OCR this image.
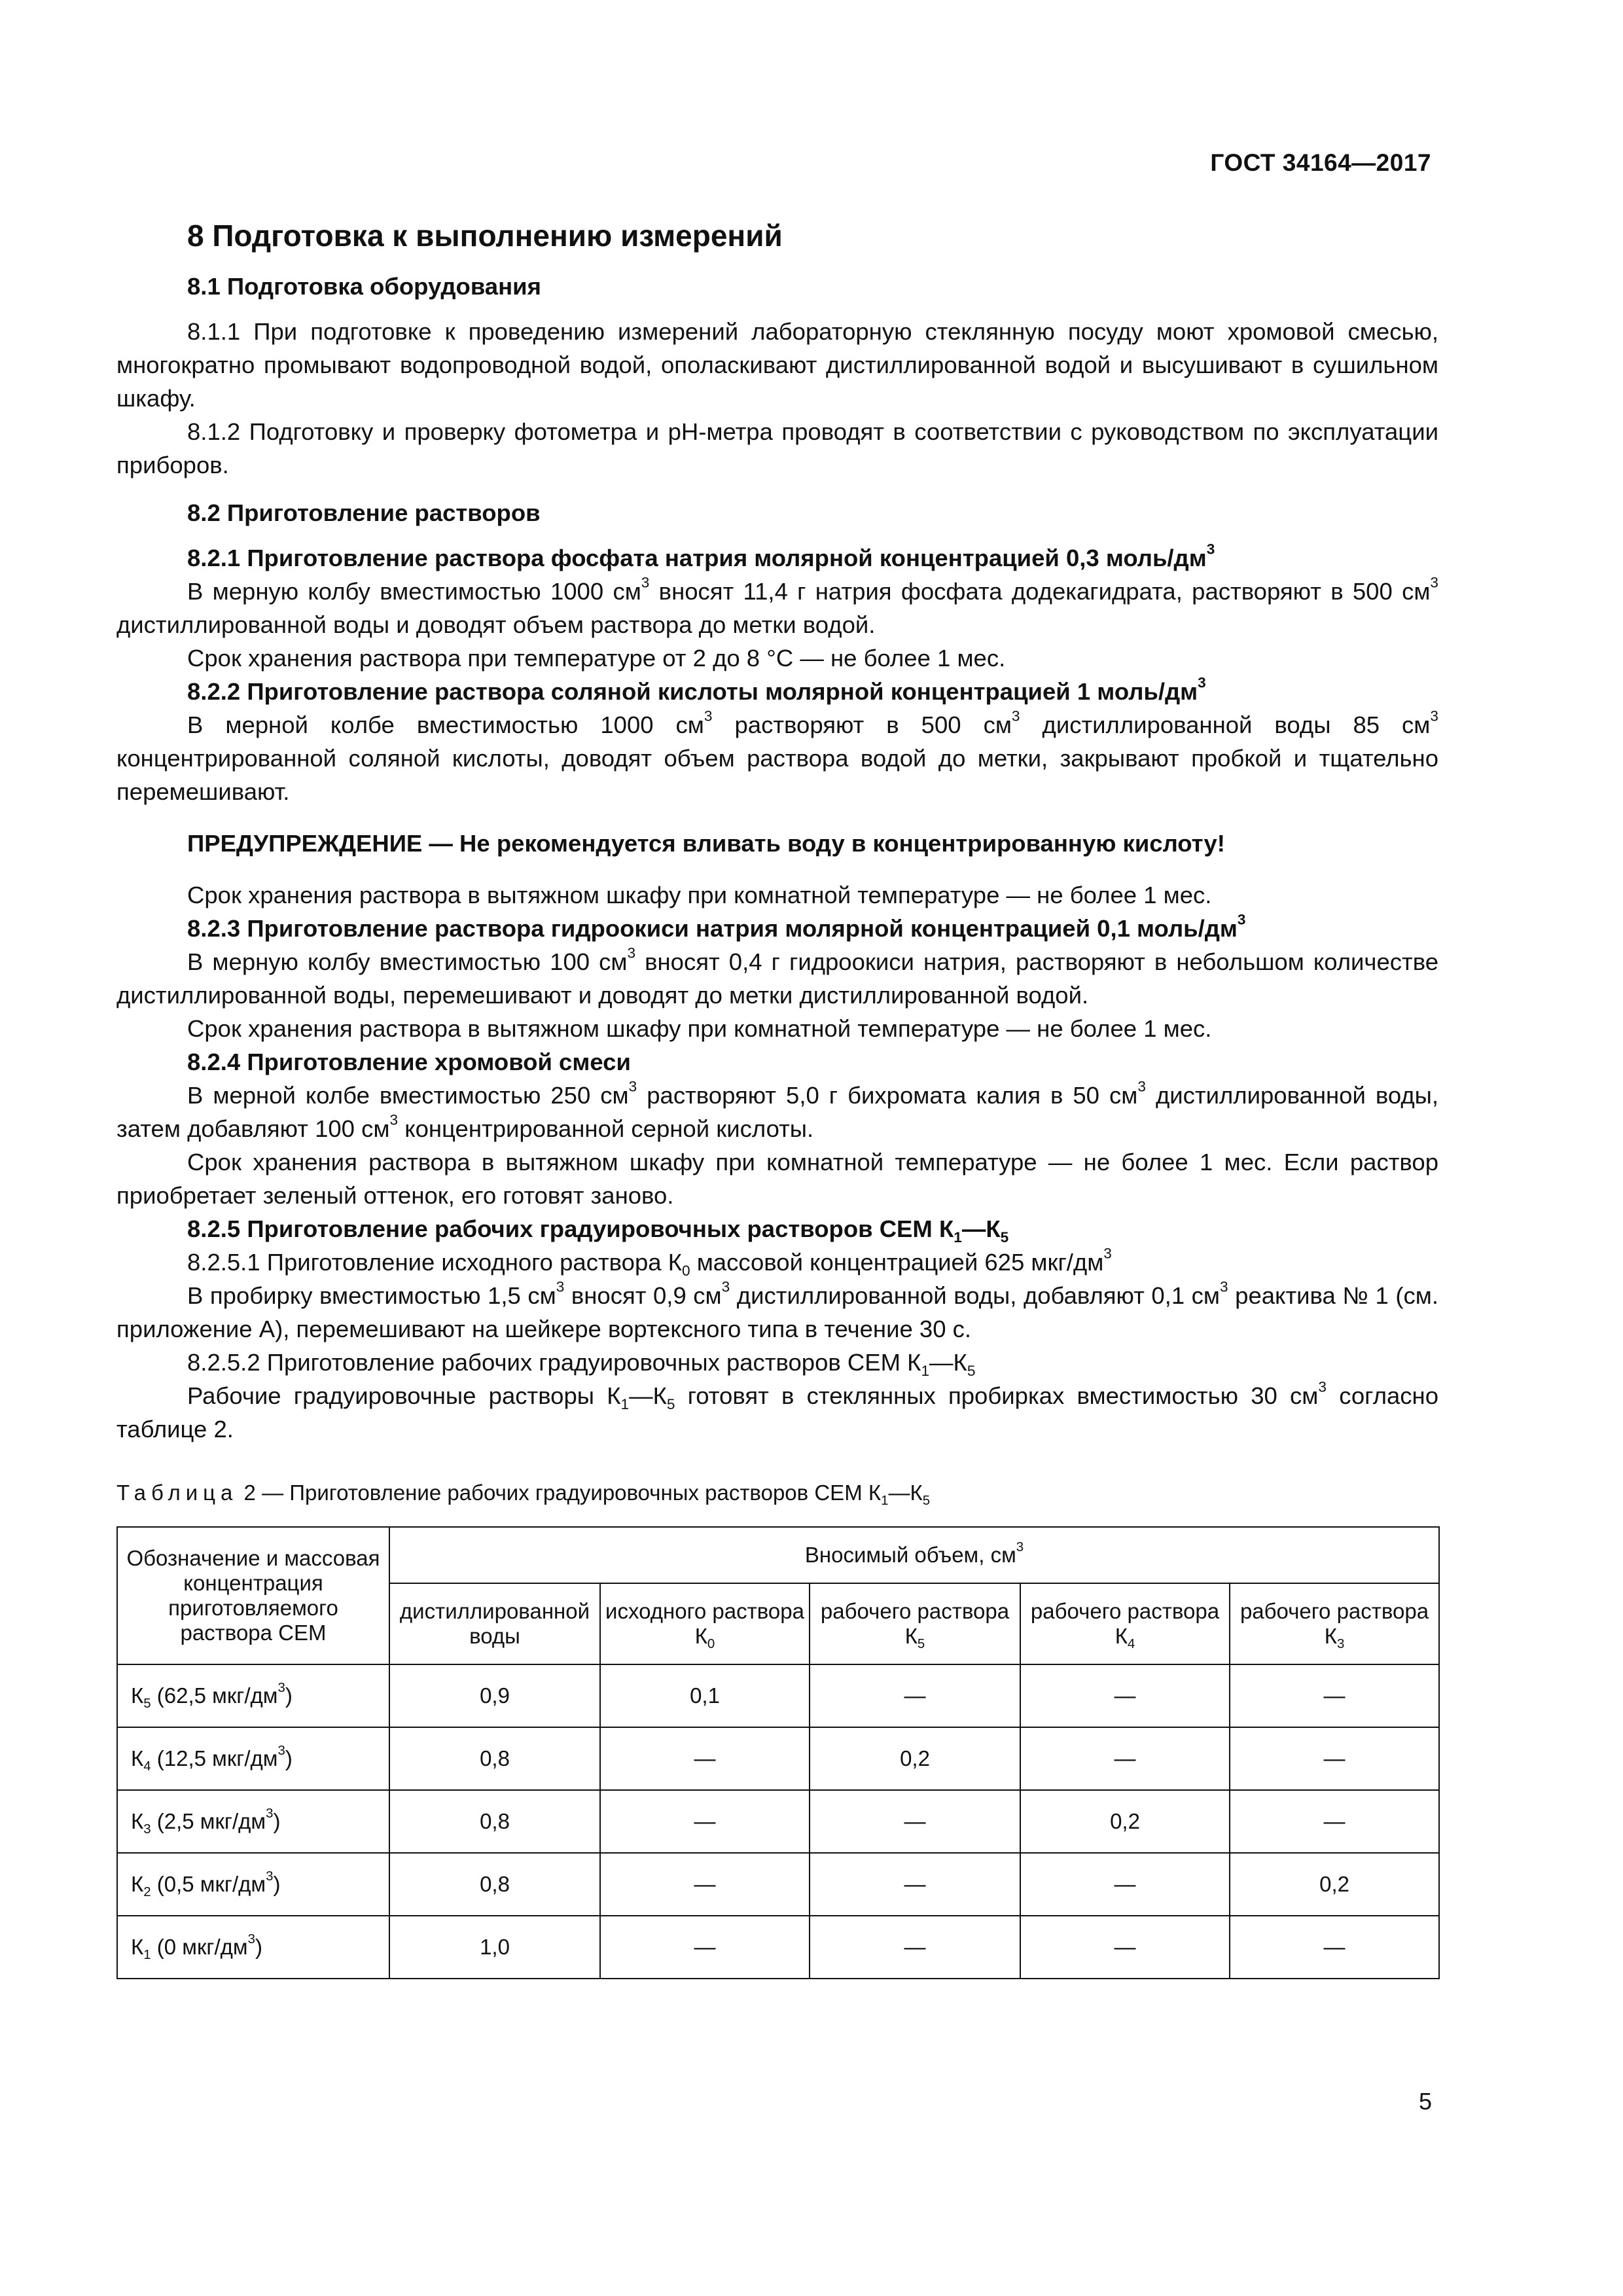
ГОСТ 34164—2017
8 Подготовка к выполнению измерений
8.1 Подготовка оборудования

8.1.1 При подготовке к проведению измерений лабораторную стеклянную посуду моют хромовой смесью, многократно промывают водопроводной водой, ополаскивают дистиллированной водой и высушивают в сушильном шкафу.

8.1.2 Подготовку и проверку фотометра и pH-метра проводят в соответствии с руководством по эксплуатации приборов.

8.2 Приготовление растворов
8.2.1 Приготовление раствора фосфата натрия молярной концентрацией 0,3 моль/$дм^3$

В мерную колбу вместимостью 1000 $см^3$ вносят 11,4 г натрия фосфата додекагидрата, растворяют в 500 $см^3$ дистиллированной воды и доводят объем раствора до метки водой.

Срок хранения раствора при температуре от 2 до 8 °С — не более 1 мес.

8.2.2 Приготовление раствора соляной кислоты молярной концентрацией 1 моль/$дм^3$

В мерной колбе вместимостью 1000 $см^3$ растворяют в 500 $см^3$ дистиллированной воды 85 $см^3$ концентрированной соляной кислоты, доводят объем раствора водой до метки, закрывают пробкой и тщательно перемешивают.

ПРЕДУПРЕЖДЕНИЕ — Не рекомендуется вливать воду в концентрированную кислоту!

Срок хранения раствора в вытяжном шкафу при комнатной температуре — не более 1 мес.

8.2.3 Приготовление раствора гидроокиси натрия молярной концентрацией 0,1 моль/$дм^3$

В мерную колбу вместимостью 100 $см^3$ вносят 0,4 г гидроокиси натрия, растворяют в небольшом количестве дистиллированной воды, перемешивают и доводят до метки дистиллированной водой.

Срок хранения раствора в вытяжном шкафу при комнатной температуре — не более 1 мес.

8.2.4 Приготовление хромовой смеси

В мерной колбе вместимостью 250 $см^3$ растворяют 5,0 г бихромата калия в 50 $см^3$ дистиллированной воды, затем добавляют 100 $см^3$ концентрированной серной кислоты.

Срок хранения раствора в вытяжном шкафу при комнатной температуре — не более 1 мес. Если раствор приобретает зеленый оттенок, его готовят заново.

8.2.5 Приготовление рабочих градуировочных растворов СЕМ $К_1—К_5$

8.2.5.1 Приготовление исходного раствора $К_0$ массовой концентрацией 625 мкг/$дм^3$

В пробирку вместимостью 1,5 $см^3$ вносят 0,9 $см^3$ дистиллированной воды, добавляют 0,1 $см^3$ реактива № 1 (см. приложение А), перемешивают на шейкере вортексного типа в течение 30 с.

8.2.5.2 Приготовление рабочих градуировочных растворов СЕМ $К_1—К_5$

Рабочие градуировочные растворы $К_1—К_5$ готовят в стеклянных пробирках вместимостью 30 $см^3$ согласно таблице 2.

Таблица 2 — Приготовление рабочих градуировочных растворов СЕМ $К_1—К_5$
Обозначение и массовая концентрация приготовляемого раствора СЕМ	Вносимый объем, $см^3$
	дистиллированной воды	исходного раствора $К_0$	рабочего раствора $К_5$	рабочего раствора $К_4$	рабочего раствора $К_3$
$К_5$ (62,5 мкг/$дм^3$)	0,9	0,1	—	—	—
$К_4$ (12,5 мкг/$дм^3$)	0,8	—	0,2	—	—
$К_3$ (2,5 мкг/$дм^3$)	0,8	—	—	0,2	—
$К_2$ (0,5 мкг/$дм^3$)	0,8	—	—	—	0,2
$К_1$ (0 мкг/$дм^3$)	1,0	—	—	—	—
5
